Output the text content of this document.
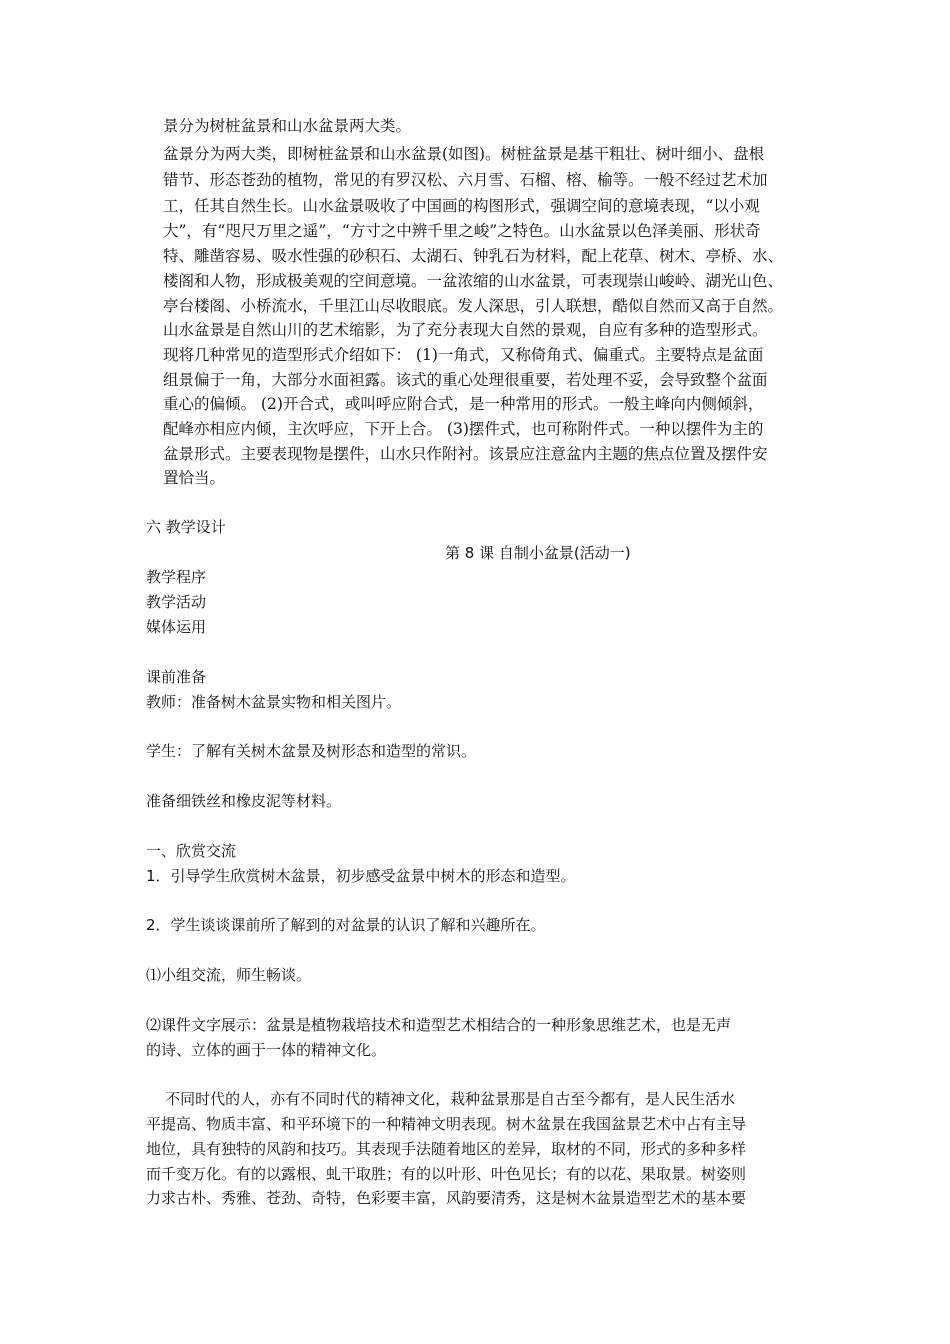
景分为树桩盆景和山水盆景两大类。
盆景分为两大类，即树桩盆景和山水盆景(如图)。树桩盆景是基干粗壮、树叶细小、盘根
错节、形态苍劲的植物，常见的有罗汉松、六月雪、石榴、榕、榆等。一般不经过艺术加
工，任其自然生长。山水盆景吸收了中国画的构图形式，强调空间的意境表现，“以小观
大”，有“咫尺万里之遥”，“方寸之中辨千里之峻”之特色。山水盆景以色泽美丽、形状奇
特、雕凿容易、吸水性强的砂积石、太湖石、钟乳石为材料，配上花草、树木、亭桥、水、
楼阁和人物，形成极美观的空间意境。一盆浓缩的山水盆景，可表现崇山峻岭、湖光山色、
亭台楼阁、小桥流水，千里江山尽收眼底。发人深思，引人联想，酷似自然而又高于自然。
山水盆景是自然山川的艺术缩影，为了充分表现大自然的景观，自应有多种的造型形式。
现将几种常见的造型形式介绍如下： (1)一角式，又称倚角式、偏重式。主要特点是盆面
组景偏于一角，大部分水面袒露。该式的重心处理很重要，若处理不妥，会导致整个盆面
重心的偏倾。 (2)开合式，或叫呼应附合式，是一种常用的形式。一般主峰向内侧倾斜，
配峰亦相应内倾，主次呼应，下开上合。 (3)摆件式，也可称附件式。一种以摆件为主的
盆景形式。主要表现物是摆件，山水只作附衬。该景应注意盆内主题的焦点位置及摆件安
置恰当。
六 教学设计
第 8 课 自制小盆景(活动一)
教学程序
教学活动
媒体运用
课前准备
教师：准备树木盆景实物和相关图片。
学生：了解有关树木盆景及树形态和造型的常识。
准备细铁丝和橡皮泥等材料。
一、欣赏交流
1．引导学生欣赏树木盆景，初步感受盆景中树木的形态和造型。
2．学生谈谈课前所了解到的对盆景的认识了解和兴趣所在。
⑴小组交流，师生畅谈。
⑵课件文字展示：盆景是植物栽培技术和造型艺术相结合的一种形象思维艺术，也是无声
的诗、立体的画于一体的精神文化。
不同时代的人，亦有不同时代的精神文化，栽种盆景那是自古至今都有，是人民生活水
平提高、物质丰富、和平环境下的一种精神文明表现。树木盆景在我国盆景艺术中占有主导
地位，具有独特的风韵和技巧。其表现手法随着地区的差异，取材的不同，形式的多种多样
而千变万化。有的以露根、虬干取胜；有的以叶形、叶色见长；有的以花、果取景。树姿则
力求古朴、秀雅、苍劲、奇特，色彩要丰富，风韵要清秀，这是树木盆景造型艺术的基本要
